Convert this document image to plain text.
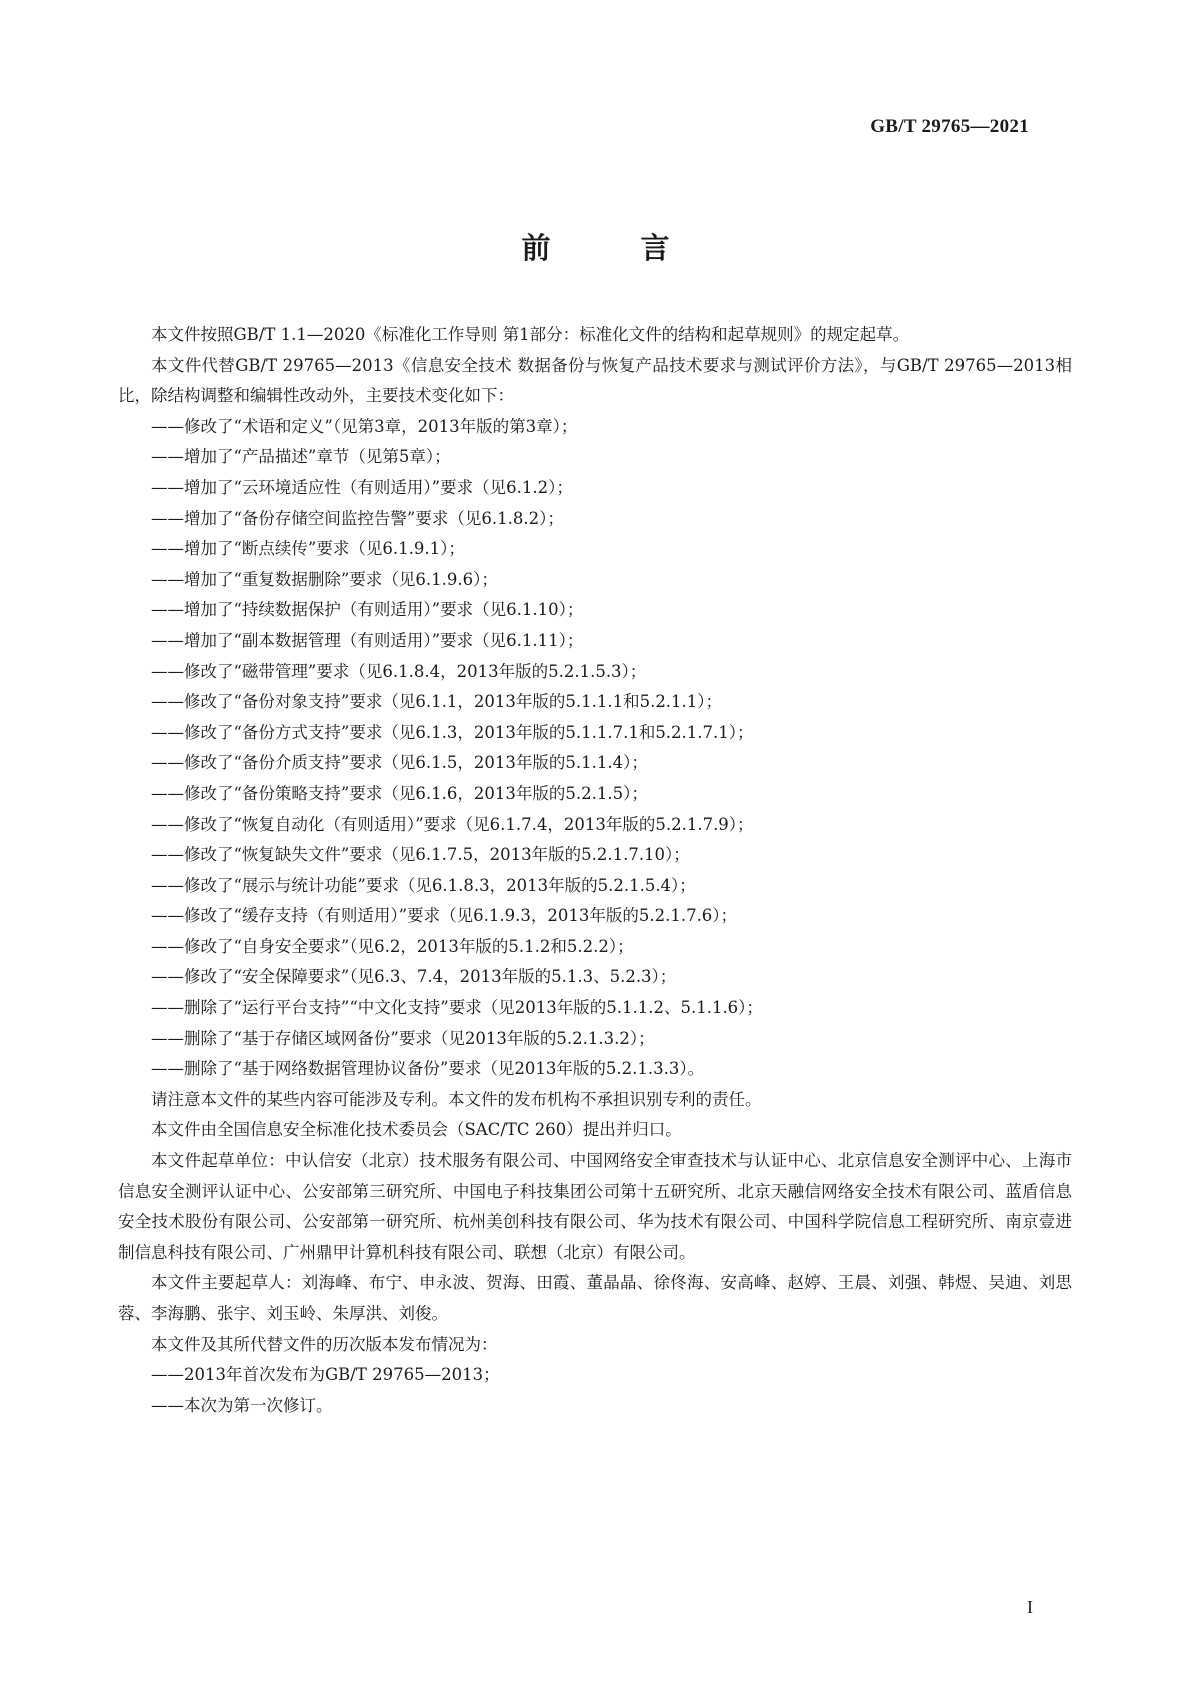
GB/T 29765—2021
前 言

本文件按照GB/T 1.1—2020《标准化工作导则 第1部分：标准化文件的结构和起草规则》的规定起草。

本文件代替GB/T 29765—2013《信息安全技术 数据备份与恢复产品技术要求与测试评价方法》，与GB/T 29765—2013相比，除结构调整和编辑性改动外，主要技术变化如下：

——修改了“术语和定义”（见第3章，2013年版的第3章）；

——增加了“产品描述”章节（见第5章）；

——增加了“云环境适应性（有则适用）”要求（见6.1.2）；

——增加了“备份存储空间监控告警”要求（见6.1.8.2）；

——增加了“断点续传”要求（见6.1.9.1）；

——增加了“重复数据删除”要求（见6.1.9.6）；

——增加了“持续数据保护（有则适用）”要求（见6.1.10）；

——增加了“副本数据管理（有则适用）”要求（见6.1.11）；

——修改了“磁带管理”要求（见6.1.8.4，2013年版的5.2.1.5.3）；

——修改了“备份对象支持”要求（见6.1.1，2013年版的5.1.1.1和5.2.1.1）；

——修改了“备份方式支持”要求（见6.1.3，2013年版的5.1.1.7.1和5.2.1.7.1）；

——修改了“备份介质支持”要求（见6.1.5，2013年版的5.1.1.4）；

——修改了“备份策略支持”要求（见6.1.6，2013年版的5.2.1.5）；

——修改了“恢复自动化（有则适用）”要求（见6.1.7.4，2013年版的5.2.1.7.9）；

——修改了“恢复缺失文件”要求（见6.1.7.5，2013年版的5.2.1.7.10）；

——修改了“展示与统计功能”要求（见6.1.8.3，2013年版的5.2.1.5.4）；

——修改了“缓存支持（有则适用）”要求（见6.1.9.3，2013年版的5.2.1.7.6）；

——修改了“自身安全要求”（见6.2，2013年版的5.1.2和5.2.2）；

——修改了“安全保障要求”（见6.3、7.4，2013年版的5.1.3、5.2.3）；

——删除了“运行平台支持”“中文化支持”要求（见2013年版的5.1.1.2、5.1.1.6）；

——删除了“基于存储区域网备份”要求（见2013年版的5.2.1.3.2）；

——删除了“基于网络数据管理协议备份”要求（见2013年版的5.2.1.3.3）。

请注意本文件的某些内容可能涉及专利。本文件的发布机构不承担识别专利的责任。

本文件由全国信息安全标准化技术委员会（SAC/TC 260）提出并归口。

本文件起草单位：中认信安（北京）技术服务有限公司、中国网络安全审查技术与认证中心、北京信息安全测评中心、上海市信息安全测评认证中心、公安部第三研究所、中国电子科技集团公司第十五研究所、北京天融信网络安全技术有限公司、蓝盾信息安全技术股份有限公司、公安部第一研究所、杭州美创科技有限公司、华为技术有限公司、中国科学院信息工程研究所、南京壹进制信息科技有限公司、广州鼎甲计算机科技有限公司、联想（北京）有限公司。

本文件主要起草人：刘海峰、布宁、申永波、贺海、田霞、董晶晶、徐佟海、安高峰、赵婷、王晨、刘强、韩煜、吴迪、刘思蓉、李海鹏、张宇、刘玉岭、朱厚洪、刘俊。

本文件及其所代替文件的历次版本发布情况为：

——2013年首次发布为GB/T 29765—2013；

——本次为第一次修订。

I
